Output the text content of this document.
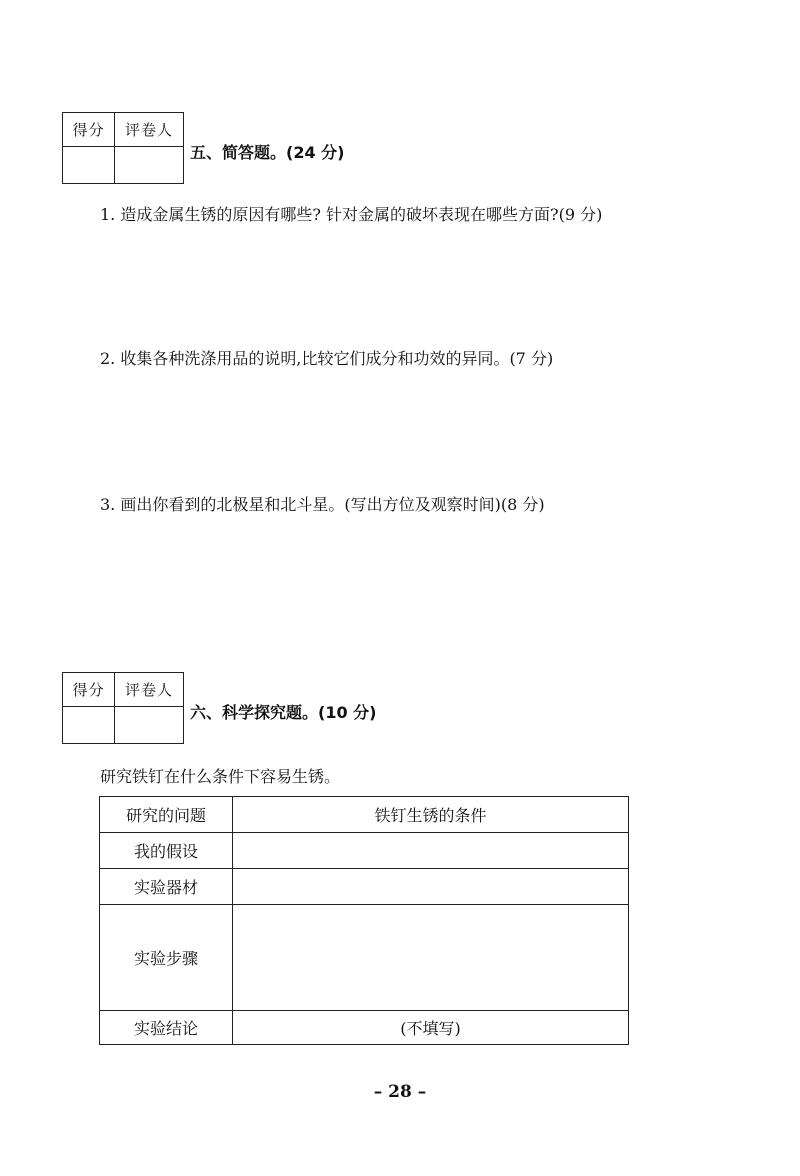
得分	评卷人
五、简答题。(24 分)
1. 造成金属生锈的原因有哪些? 针对金属的破坏表现在哪些方面?(9 分)
2. 收集各种洗涤用品的说明,比较它们成分和功效的异同。(7 分)
3. 画出你看到的北极星和北斗星。(写出方位及观察时间)(8 分)
得分	评卷人
六、科学探究题。(10 分)
研究铁钉在什么条件下容易生锈。
研究的问题	铁钉生锈的条件
我的假设	
实验器材	
实验步骤	
实验结论	(不填写)
– 28 –
